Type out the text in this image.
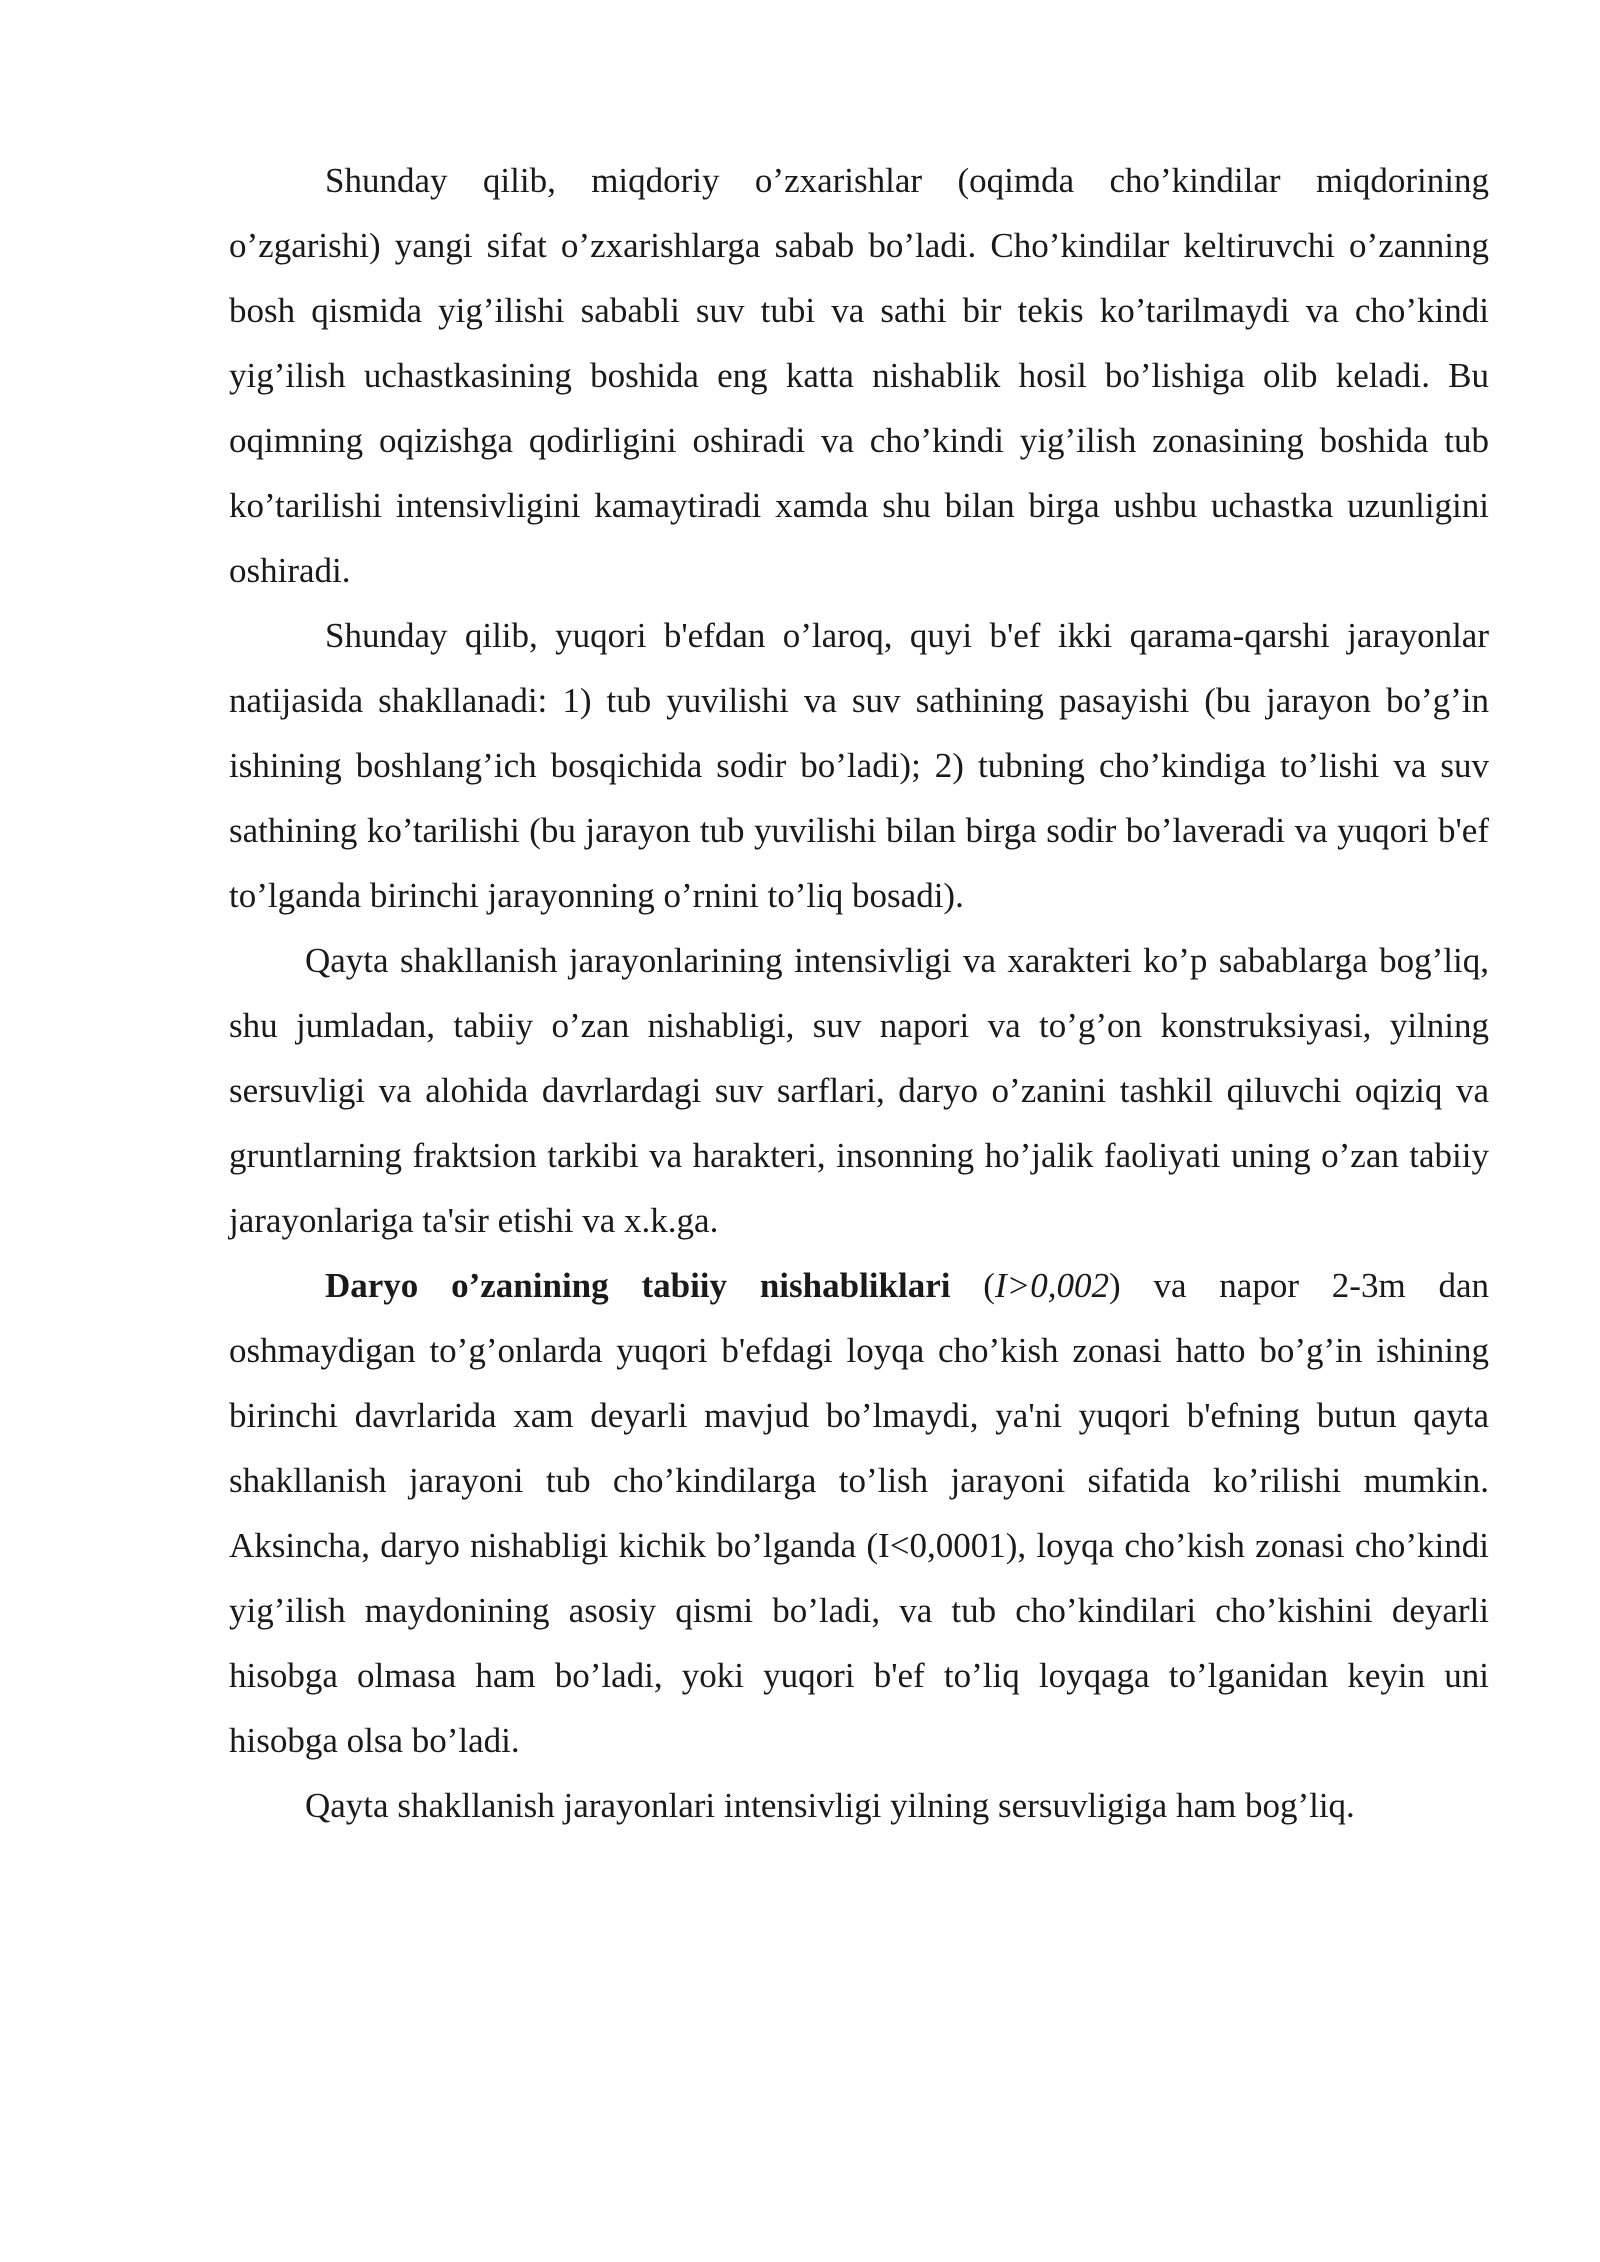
Shunday qilib, miqdoriy o’zxarishlar (oqimda cho’kindilar miqdorining o’zgarishi) yangi sifat o’zxarishlarga sabab bo’ladi. Cho’kindilar keltiruvchi o’zanning bosh qismida yig’ilishi sababli suv tubi va sathi bir tekis ko’tarilmaydi va cho’kindi yig’ilish uchastkasining boshida eng katta nishablik hosil bo’lishiga olib keladi. Bu oqimning oqizishga qodirligini oshiradi va cho’kindi yig’ilish zonasining boshida tub ko’tarilishi intensivligini kamaytiradi xamda shu bilan birga ushbu uchastka uzunligini oshiradi.

Shunday qilib, yuqori b'efdan o’laroq, quyi b'ef ikki qarama-qarshi jarayonlar natijasida shakllanadi: 1) tub yuvilishi va suv sathining pasayishi (bu jarayon bo’g’in ishining boshlang’ich bosqichida sodir bo’ladi); 2) tubning cho’kindiga to’lishi va suv sathining ko’tarilishi (bu jarayon tub yuvilishi bilan birga sodir bo’laveradi va yuqori b'ef to’lganda birinchi jarayonning o’rnini to’liq bosadi).

Qayta shakllanish jarayonlarining intensivligi va xarakteri ko’p sabablarga bog’liq, shu jumladan, tabiiy o’zan nishabligi, suv napori va to’g’on konstruksiyasi, yilning sersuvligi va alohida davrlardagi suv sarflari, daryo o’zanini tashkil qiluvchi oqiziq va gruntlarning fraktsion tarkibi va harakteri, insonning ho’jalik faoliyati uning o’zan tabiiy jarayonlariga ta'sir etishi va x.k.ga.

Daryo o’zanining tabiiy nishabliklari (I>0,002) va napor 2-3m dan oshmaydigan to’g’onlarda yuqori b'efdagi loyqa cho’kish zonasi hatto bo’g’in ishining birinchi davrlarida xam deyarli mavjud bo’lmaydi, ya'ni yuqori b'efning butun qayta shakllanish jarayoni tub cho’kindilarga to’lish jarayoni sifatida ko’rilishi mumkin. Aksincha, daryo nishabligi kichik bo’lganda (I<0,0001), loyqa cho’kish zonasi cho’kindi yig’ilish maydonining asosiy qismi bo’ladi, va tub cho’kindilari cho’kishini deyarli hisobga olmasa ham bo’ladi, yoki yuqori b'ef to’liq loyqaga to’lganidan keyin uni hisobga olsa bo’ladi.

Qayta shakllanish jarayonlari intensivligi yilning sersuvligiga ham bog’liq.
